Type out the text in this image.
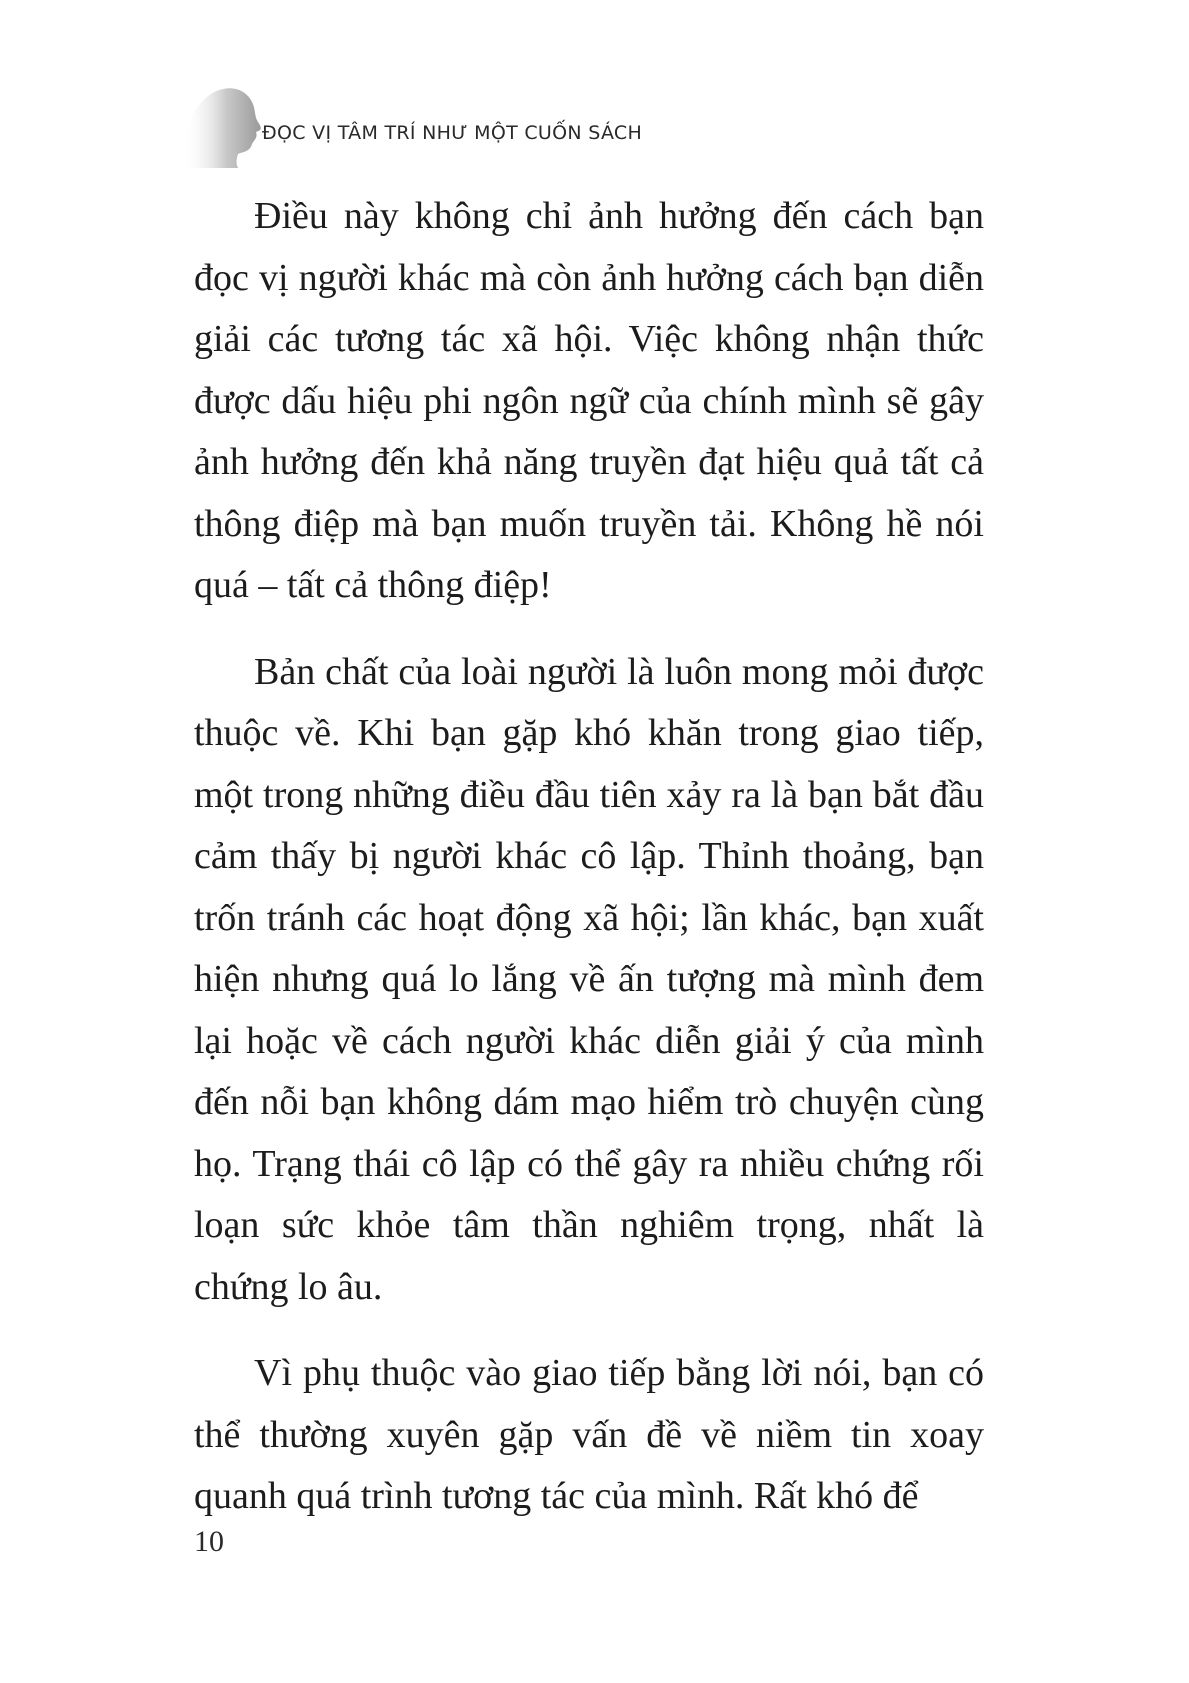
ĐỌC VỊ TÂM TRÍ NHƯ MỘT CUỐN SÁCH

Điều này không chỉ ảnh hưởng đến cách bạn đọc vị người khác mà còn ảnh hưởng cách bạn diễn giải các tương tác xã hội. Việc không nhận thức được dấu hiệu phi ngôn ngữ của chính mình sẽ gây ảnh hưởng đến khả năng truyền đạt hiệu quả tất cả thông điệp mà bạn muốn truyền tải. Không hề nói quá – tất cả thông điệp!

Bản chất của loài người là luôn mong mỏi được thuộc về. Khi bạn gặp khó khăn trong giao tiếp, một trong những điều đầu tiên xảy ra là bạn bắt đầu cảm thấy bị người khác cô lập. Thỉnh thoảng, bạn trốn tránh các hoạt động xã hội; lần khác, bạn xuất hiện nhưng quá lo lắng về ấn tượng mà mình đem lại hoặc về cách người khác diễn giải ý của mình đến nỗi bạn không dám mạo hiểm trò chuyện cùng họ. Trạng thái cô lập có thể gây ra nhiều chứng rối loạn sức khỏe tâm thần nghiêm trọng, nhất là chứng lo âu.

Vì phụ thuộc vào giao tiếp bằng lời nói, bạn có thể thường xuyên gặp vấn đề về niềm tin xoay quanh quá trình tương tác của mình. Rất khó để

10
